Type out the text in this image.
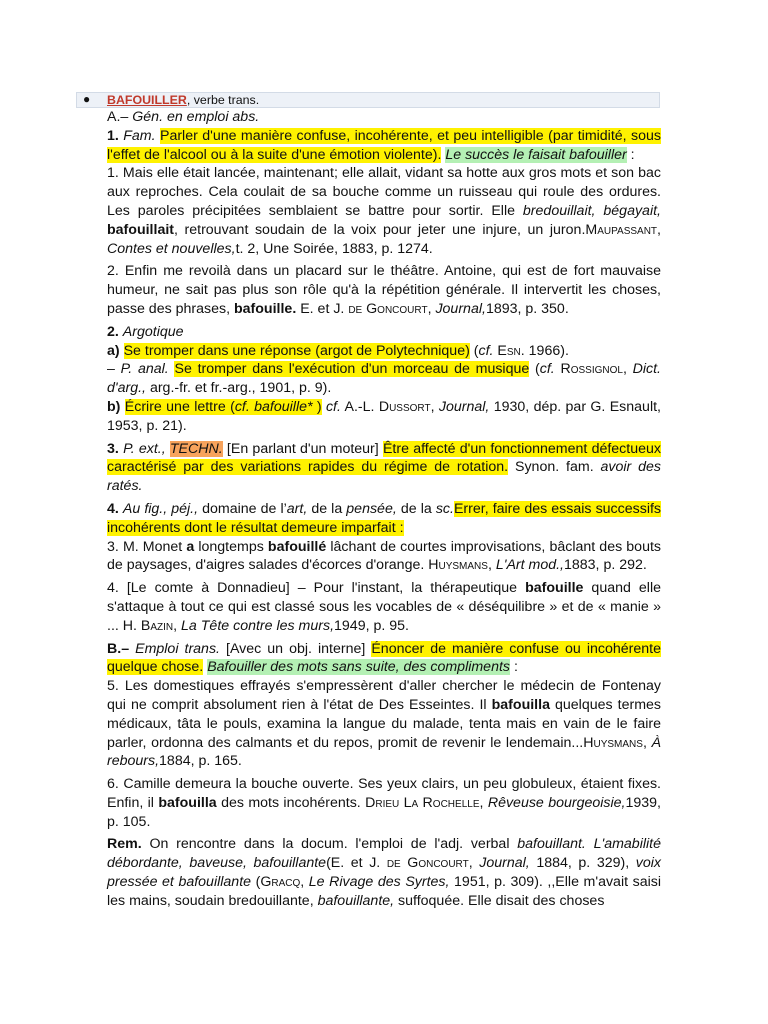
● BAFOUILLER, verbe trans.

A.– Gén. en emploi abs.

1. Fam. Parler d'une manière confuse, incohérente, et peu intelligible (par timidité, sous l'effet de l'alcool ou à la suite d'une émotion violente). Le succès le faisait bafouiller :

1. Mais elle était lancée, maintenant; elle allait, vidant sa hotte aux gros mots et son bac aux reproches. Cela coulait de sa bouche comme un ruisseau qui roule des ordures. Les paroles précipitées semblaient se battre pour sortir. Elle bredouillait, bégayait, bafouillait, retrouvant soudain de la voix pour jeter une injure, un juron.Maupassant, Contes et nouvelles,t. 2, Une Soirée, 1883, p. 1274.

2. Enfin me revoilà dans un placard sur le théâtre. Antoine, qui est de fort mauvaise humeur, ne sait pas plus son rôle qu'à la répétition générale. Il intervertit les choses, passe des phrases, bafouille. E. et J. de Goncourt, Journal,1893, p. 350.

2. Argotique

a) Se tromper dans une réponse (argot de Polytechnique) (cf. Esn. 1966).

– P. anal. Se tromper dans l'exécution d'un morceau de musique (cf. Rossignol, Dict. d'arg., arg.-fr. et fr.-arg., 1901, p. 9).

b) Écrire une lettre (cf. bafouille* ) cf. A.-L. Dussort, Journal, 1930, dép. par G. Esnault, 1953, p. 21).

3. P. ext., TECHN. [En parlant d'un moteur] Être affecté d'un fonctionnement défectueux caractérisé par des variations rapides du régime de rotation. Synon. fam. avoir des ratés.

4. Au fig., péj., domaine de l’art, de la pensée, de la sc.Errer, faire des essais successifs incohérents dont le résultat demeure imparfait :

3. M. Monet a longtemps bafouillé lâchant de courtes improvisations, bâclant des bouts de paysages, d'aigres salades d'écorces d'orange. Huysmans, L'Art mod.,1883, p. 292.

4. [Le comte à Donnadieu] – Pour l'instant, la thérapeutique bafouille quand elle s'attaque à tout ce qui est classé sous les vocables de « déséquilibre » et de « manie » ... H. Bazin, La Tête contre les murs,1949, p. 95.

B.– Emploi trans. [Avec un obj. interne] Énoncer de manière confuse ou incohérente quelque chose. Bafouiller des mots sans suite, des compliments :

5. Les domestiques effrayés s'empressèrent d'aller chercher le médecin de Fontenay qui ne comprit absolument rien à l'état de Des Esseintes. Il bafouilla quelques termes médicaux, tâta le pouls, examina la langue du malade, tenta mais en vain de le faire parler, ordonna des calmants et du repos, promit de revenir le lendemain...Huysmans, À rebours,1884, p. 165.

6. Camille demeura la bouche ouverte. Ses yeux clairs, un peu globuleux, étaient fixes. Enfin, il bafouilla des mots incohérents. Drieu La Rochelle, Rêveuse bourgeoisie,1939, p. 105.

Rem. On rencontre dans la docum. l'emploi de l'adj. verbal bafouillant. L'amabilité débordante, baveuse, bafouillante(E. et J. de Goncourt, Journal, 1884, p. 329), voix pressée et bafouillante (Gracq, Le Rivage des Syrtes, 1951, p. 309). ,,Elle m'avait saisi les mains, soudain bredouillante, bafouillante, suffoquée. Elle disait des choses
